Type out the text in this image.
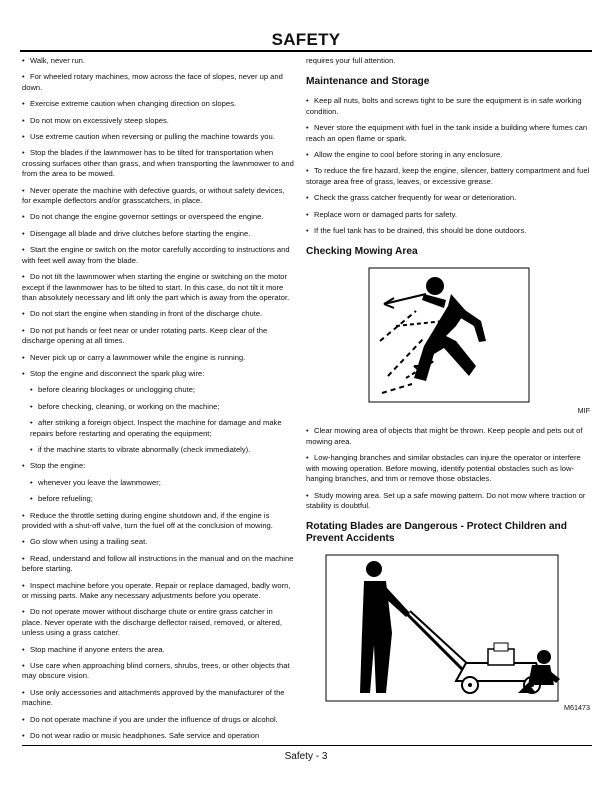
SAFETY

• Walk, never run.

• For wheeled rotary machines, mow across the face of slopes, never up and down.

• Exercise extreme caution when changing direction on slopes.

• Do not mow on excessively steep slopes.

• Use extreme caution when reversing or pulling the machine towards you.

• Stop the blades if the lawnmower has to be tilted for transportation when crossing surfaces other than grass, and when transporting the lawnmower to and from the area to be mowed.

• Never operate the machine with defective guards, or without safety devices, for example deflectors and/or grasscatchers, in place.

• Do not change the engine governor settings or overspeed the engine.

• Disengage all blade and drive clutches before starting the engine.

• Start the engine or switch on the motor carefully according to instructions and with feet well away from the blade.

• Do not tilt the lawnmower when starting the engine or switching on the motor except if the lawnmower has to be tilted to start. In this case, do not tilt it more than absolutely necessary and lift only the part which is away from the operator.

• Do not start the engine when standing in front of the discharge chute.

• Do not put hands or feet near or under rotating parts. Keep clear of the discharge opening at all times.

• Never pick up or carry a lawnmower while the engine is running.

• Stop the engine and disconnect the spark plug wire:

• before clearing blockages or unclogging chute;

• before checking, cleaning, or working on the machine;

• after striking a foreign object. Inspect the machine for damage and make repairs before restarting and operating the equipment;

• if the machine starts to vibrate abnormally (check immediately).

• Stop the engine:

• whenever you leave the lawnmower;

• before refueling;

• Reduce the throttle setting during engine shutdown and, if the engine is provided with a shut-off valve, turn the fuel off at the conclusion of mowing.

• Go slow when using a trailing seat.

• Read, understand and follow all instructions in the manual and on the machine before starting.

• Inspect machine before you operate. Repair or replace damaged, badly worn, or missing parts. Make any necessary adjustments before you operate.

• Do not operate mower without discharge chute or entire grass catcher in place. Never operate with the discharge deflector raised, removed, or altered, unless using a grass catcher.

• Stop machine if anyone enters the area.

• Use care when approaching blind corners, shrubs, trees, or other objects that may obscure vision.

• Use only accessories and attachments approved by the manufacturer of the machine.

• Do not operate machine if you are under the influence of drugs or alcohol.

• Do not wear radio or music headphones. Safe service and operation

requires your full attention.

Maintenance and Storage

• Keep all nuts, bolts and screws tight to be sure the equipment is in safe working condition.

• Never store the equipment with fuel in the tank inside a building where fumes can reach an open flame or spark.

• Allow the engine to cool before storing in any enclosure.

• To reduce the fire hazard, keep the engine, silencer, battery compartment and fuel storage area free of grass, leaves, or excessive grease.

• Check the grass catcher frequently for wear or deterioration.

• Replace worn or damaged parts for safety.

• If the fuel tank has to be drained, this should be done outdoors.

Checking Mowing Area
MIF

• Clear mowing area of objects that might be thrown. Keep people and pets out of mowing area.

• Low-hanging branches and similar obstacles can injure the operator or interfere with mowing operation. Before mowing, identify potential obstacles such as low-hanging branches, and trim or remove those obstacles.

• Study mowing area. Set up a safe mowing pattern. Do not mow where traction or stability is doubtful.

Rotating Blades are Dangerous - Protect Children and Prevent Accidents
M61473
Safety - 3
